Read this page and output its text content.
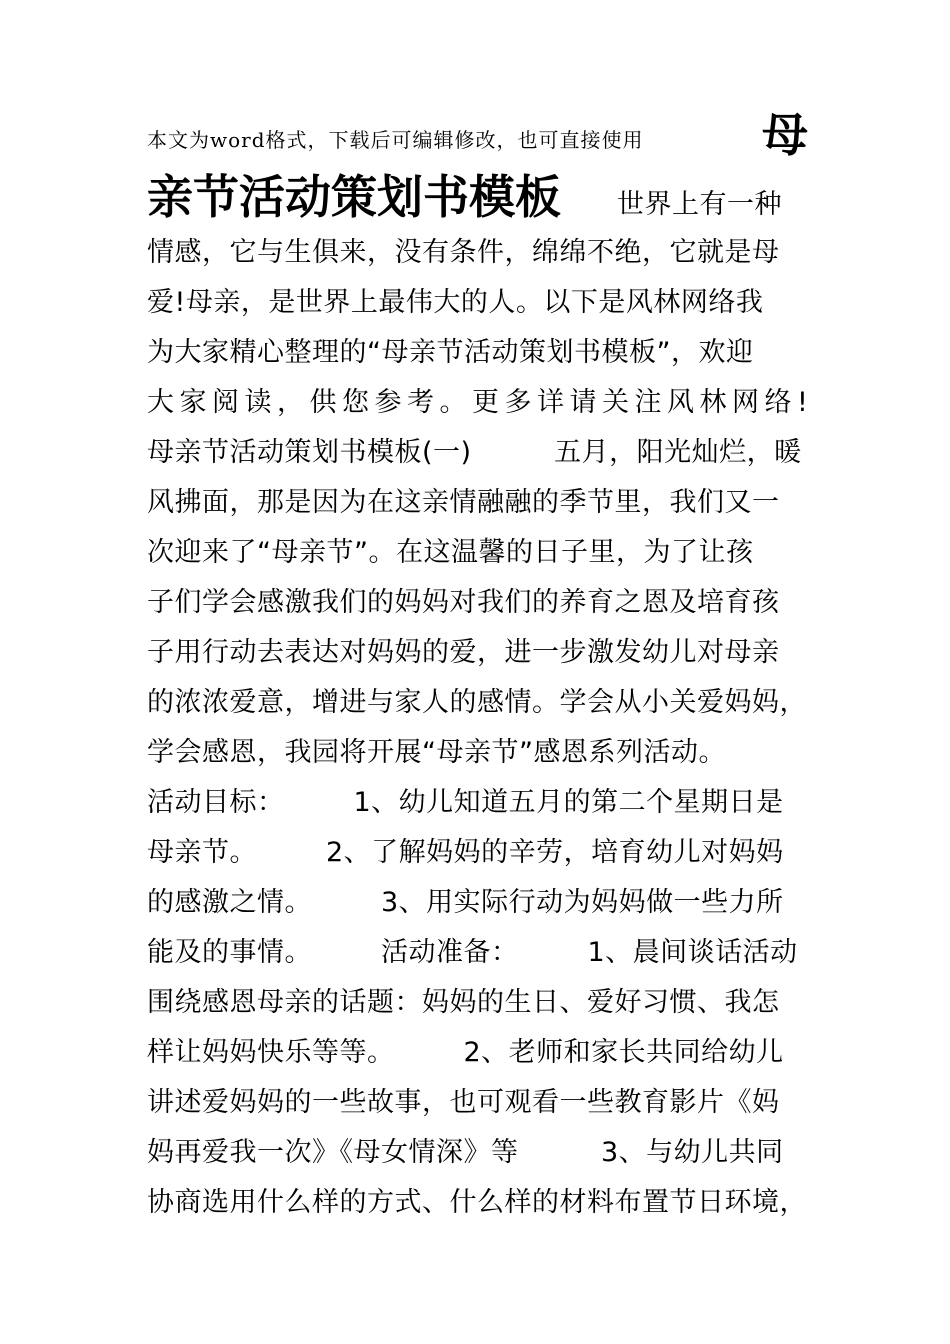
本文为word格式，下载后可编辑修改，也可直接使用	母
亲节活动策划书模板 世界上有一种
情感，它与生俱来，没有条件，绵绵不绝，它就是母
爱!母亲，是世界上最伟大的人。以下是风林网络我
为大家精心整理的“母亲节活动策划书模板”，欢迎
大家阅读，供您参考。更多详请关注风林网络!
母亲节活动策划书模板(一)　　　五月，阳光灿烂，暖
风拂面，那是因为在这亲情融融的季节里，我们又一
次迎来了“母亲节”。在这温馨的日子里，为了让孩
子们学会感激我们的妈妈对我们的养育之恩及培育孩
子用行动去表达对妈妈的爱，进一步激发幼儿对母亲
的浓浓爱意，增进与家人的感情。学会从小关爱妈妈，
学会感恩，我园将开展“母亲节”感恩系列活动。
活动目标：　　　1、幼儿知道五月的第二个星期日是
母亲节。　　　2、了解妈妈的辛劳，培育幼儿对妈妈
的感激之情。　　　3、用实际行动为妈妈做一些力所
能及的事情。　　　活动准备：　　　1、晨间谈话活动
围绕感恩母亲的话题：妈妈的生日、爱好习惯、我怎
样让妈妈快乐等等。　　　2、老师和家长共同给幼儿
讲述爱妈妈的一些故事，也可观看一些教育影片《妈
妈再爱我一次》《母女情深》等　　　3、与幼儿共同
协商选用什么样的方式、什么样的材料布置节日环境，
